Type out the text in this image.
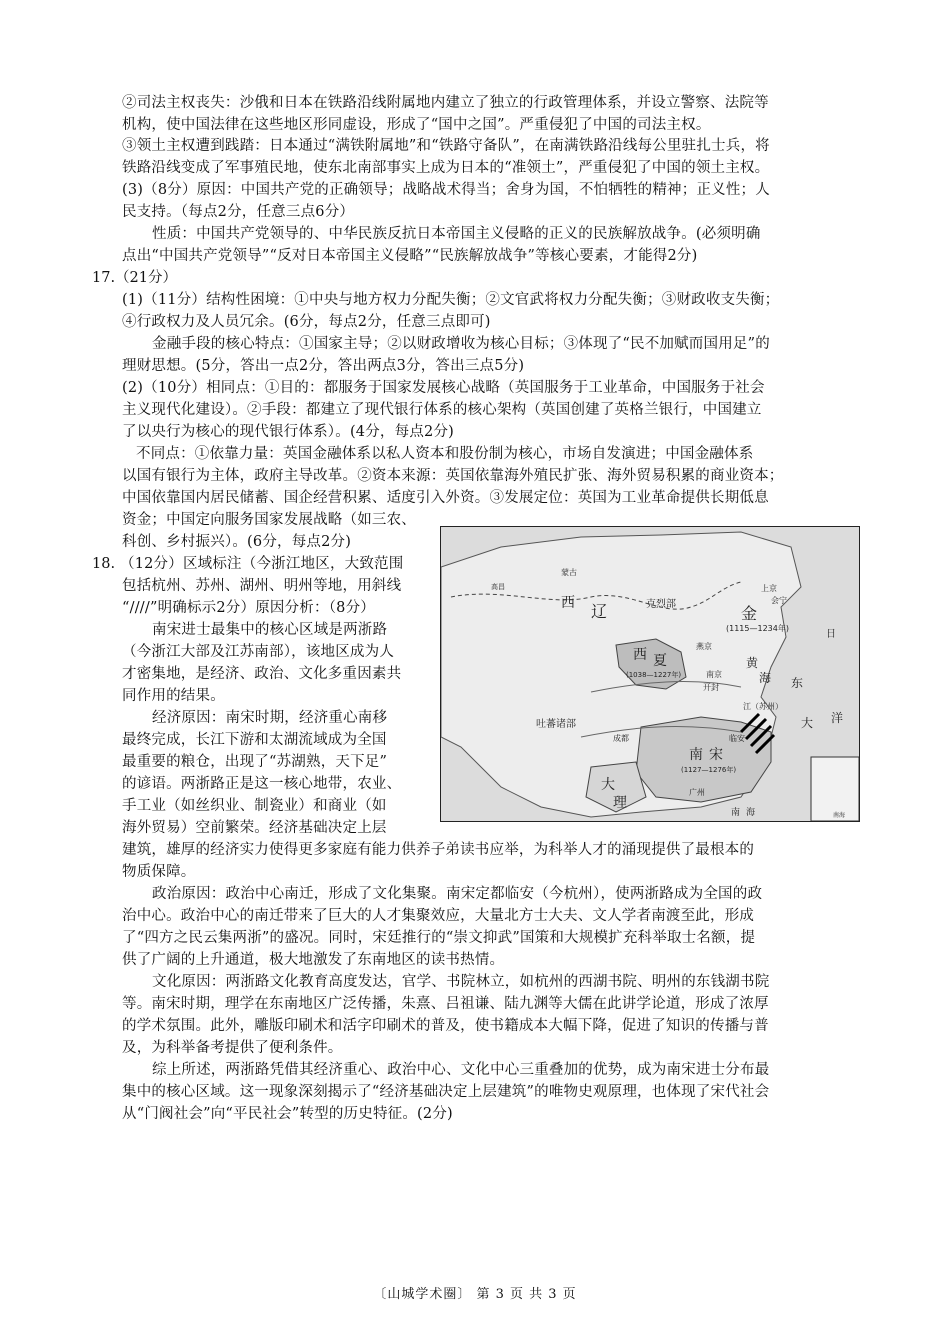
②司法主权丧失：沙俄和日本在铁路沿线附属地内建立了独立的行政管理体系，并设立警察、法院等
机构，使中国法律在这些地区形同虚设，形成了“国中之国”。严重侵犯了中国的司法主权。
③领土主权遭到践踏：日本通过“满铁附属地”和“铁路守备队”，在南满铁路沿线每公里驻扎士兵，将
铁路沿线变成了军事殖民地，使东北南部事实上成为日本的“准领土”，严重侵犯了中国的领土主权。
(3)（8分）原因：中国共产党的正确领导；战略战术得当；舍身为国，不怕牺牲的精神；正义性；人
民支持。（每点2分，任意三点6分）
性质：中国共产党领导的、中华民族反抗日本帝国主义侵略的正义的民族解放战争。(必须明确
点出“中国共产党领导”“反对日本帝国主义侵略”“民族解放战争”等核心要素，才能得2分)
17.（21分）
(1)（11分）结构性困境：①中央与地方权力分配失衡；②文官武将权力分配失衡；③财政收支失衡；
④行政权力及人员冗余。(6分，每点2分，任意三点即可)
金融手段的核心特点：①国家主导；②以财政增收为核心目标；③体现了“民不加赋而国用足”的
理财思想。(5分，答出一点2分，答出两点3分，答出三点5分)
(2)（10分）相同点：①目的：都服务于国家发展核心战略（英国服务于工业革命，中国服务于社会
主义现代化建设）。②手段：都建立了现代银行体系的核心架构（英国创建了英格兰银行，中国建立
了以央行为核心的现代银行体系）。(4分，每点2分)
不同点：①依靠力量：英国金融体系以私人资本和股份制为核心，市场自发演进；中国金融体系
以国有银行为主体，政府主导改革。②资本来源：英国依靠海外殖民扩张、海外贸易积累的商业资本；
中国依靠国内居民储蓄、国企经营积累、适度引入外资。③发展定位：英国为工业革命提供长期低息
资金；中国定向服务国家发展战略（如三农、
科创、乡村振兴）。(6分，每点2分)
18. （12分）区域标注（今浙江地区，大致范围
包括杭州、苏州、湖州、明州等地，用斜线
“////”明确标示2分）原因分析：（8分）
南宋进士最集中的核心区域是两浙路
（今浙江大部及江苏南部），该地区成为人
才密集地，是经济、政治、文化多重因素共
同作用的结果。
经济原因：南宋时期，经济重心南移
最终完成，长江下游和太湖流域成为全国
最重要的粮仓，出现了“苏湖熟，天下足”
的谚语。两浙路正是这一核心地带，农业、
手工业（如丝织业、制瓷业）和商业（如
海外贸易）空前繁荣。经济基础决定上层
建筑，雄厚的经济实力使得更多家庭有能力供养子弟读书应举，为科举人才的涌现提供了最根本的
物质保障。
政治原因：政治中心南迁，形成了文化集聚。南宋定都临安（今杭州），使两浙路成为全国的政
治中心。政治中心的南迁带来了巨大的人才集聚效应，大量北方士大夫、文人学者南渡至此，形成
了“四方之民云集两浙”的盛况。同时，宋廷推行的“崇文抑武”国策和大规模扩充科举取士名额，提
供了广阔的上升通道，极大地激发了东南地区的读书热情。
文化原因：两浙路文化教育高度发达，官学、书院林立，如杭州的西湖书院、明州的东钱湖书院
等。南宋时期，理学在东南地区广泛传播，朱熹、吕祖谦、陆九渊等大儒在此讲学论道，形成了浓厚
的学术氛围。此外，雕版印刷术和活字印刷术的普及，使书籍成本大幅下降，促进了知识的传播与普
及，为科举备考提供了便利条件。
综上所述，两浙路凭借其经济重心、政治中心、文化中心三重叠加的优势，成为南宋进士分布最
集中的核心区域。这一现象深刻揭示了“经济基础决定上层建筑”的唯物史观原理，也体现了宋代社会
从“门阀社会”向“平民社会”转型的历史特征。(2分)
西 辽	克烈部	金
(1115—1234年)
上京
会宁
西 夏
(1038—1227年)
燕京
南京
开封
吐蕃诸部
成都
大
理
南 宋
(1127—1276年)
临安
江（苏州）
广州
黄
海 东
大 洋
日
南 海
高昌
蒙古
南海
〔山城学术圈〕 第 3 页 共 3 页
